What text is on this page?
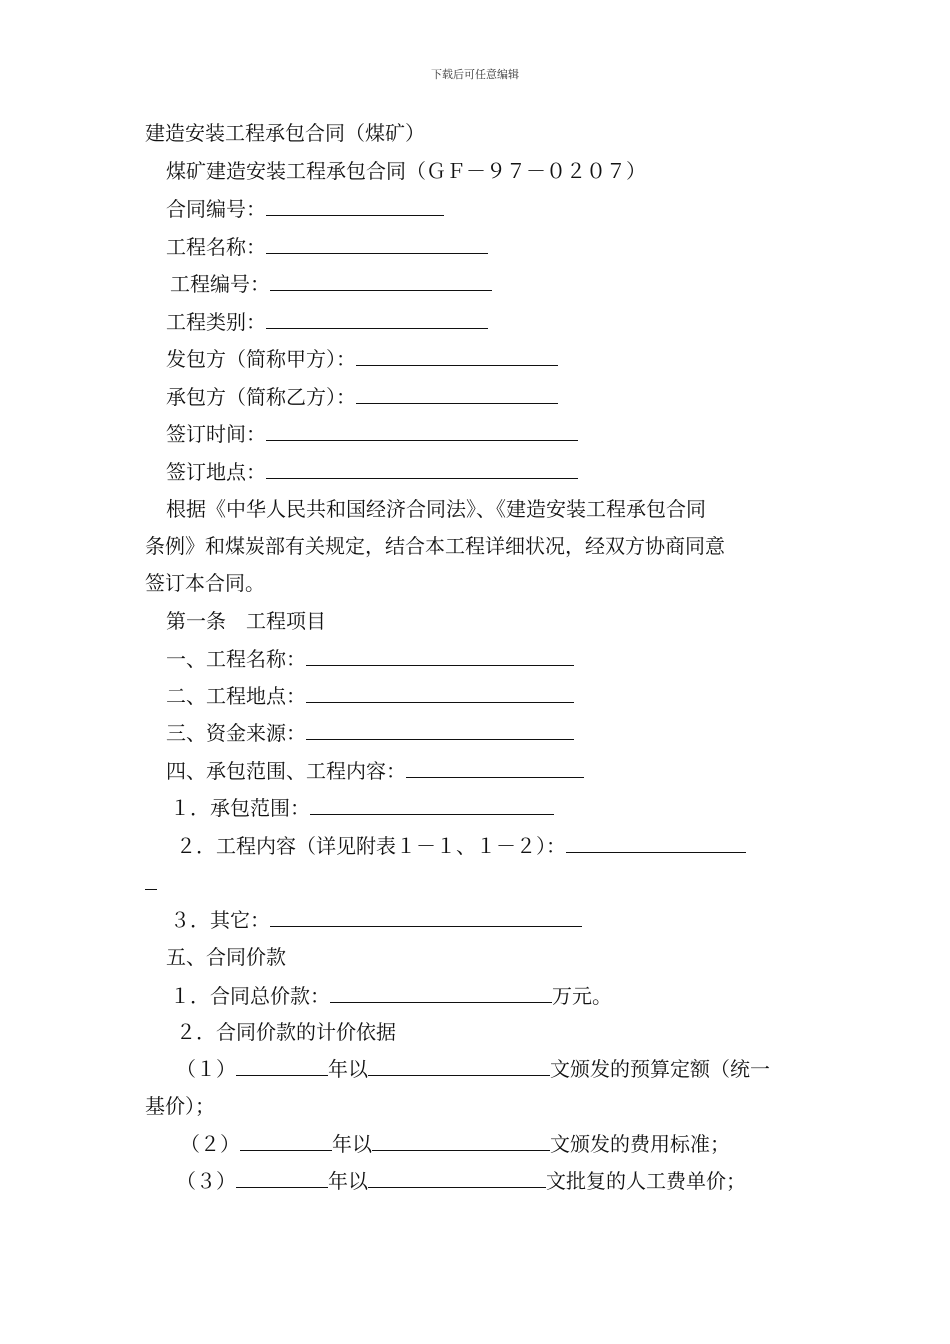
下载后可任意编辑
建造安装工程承包合同（煤矿）
煤矿建造安装工程承包合同（ＧＦ－９７－０２０７）
合同编号：
工程名称：
工程编号：
工程类别：
发包方（简称甲方）：
承包方（简称乙方）：
签订时间：
签订地点：
根据《中华人民共和国经济合同法》、《建造安装工程承包合同
条例》和煤炭部有关规定，结合本工程详细状况，经双方协商同意
签订本合同。
第一条　工程项目
一、工程名称：
二、工程地点：
三、资金来源：
四、承包范围、工程内容：
１．承包范围：
２．工程内容（详见附表１－１、１－２）：
３．其它：
五、合同价款
１．合同总价款：	万元。
２．合同价款的计价依据
（１）	年以	文颁发的预算定额（统一
基价）；
（２）	年以	文颁发的费用标准；
（３）	年以	文批复的人工费单价；
